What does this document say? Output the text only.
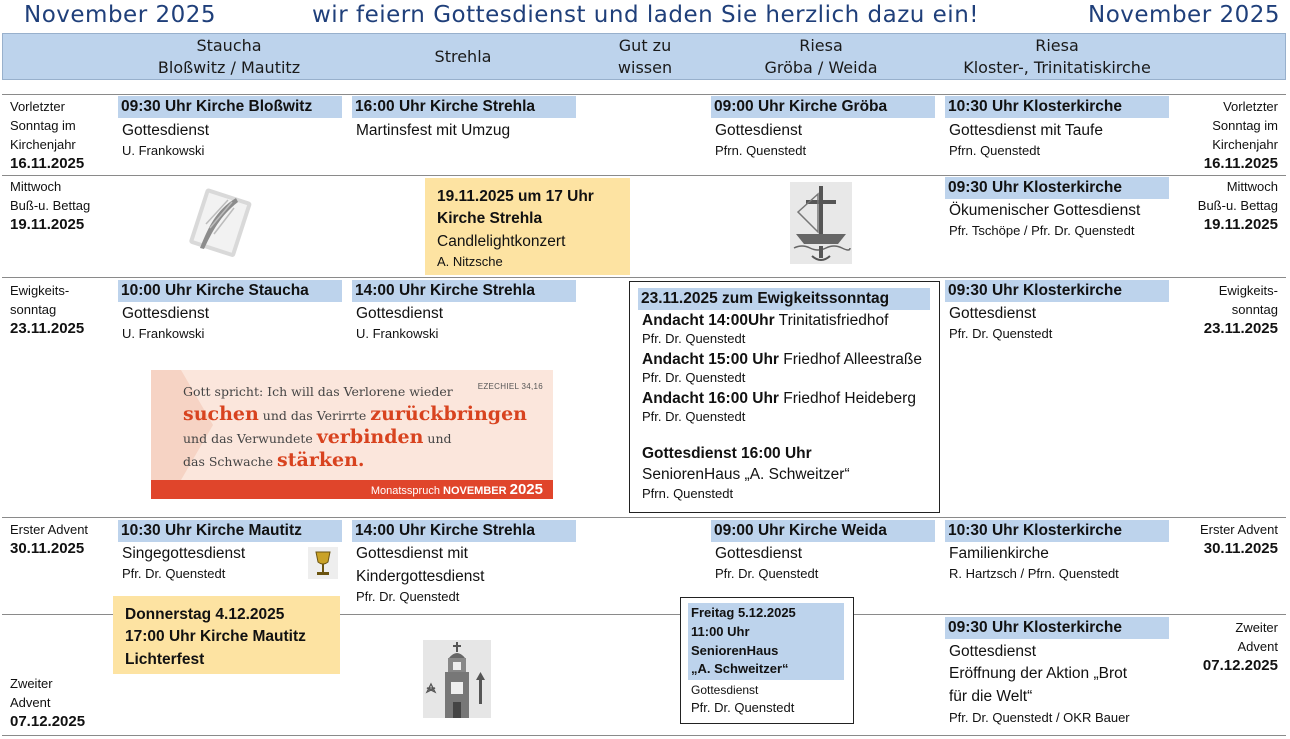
November 2025	wir feiern Gottesdienst und laden Sie herzlich dazu ein!	November 2025
Staucha
Bloßwitz / Mautitz
Strehla
Gut zu
wissen
Riesa
Gröba / Weida
Riesa
Kloster-, Trinitatiskirche
Vorletzter
Sonntag im
Kirchenjahr
16.11.2025
Vorletzter
Sonntag im
Kirchenjahr
16.11.2025
09:30 Uhr Kirche Bloßwitz
Gottesdienst
U. Frankowski
16:00 Uhr Kirche Strehla
Martinsfest mit Umzug
09:00 Uhr Kirche Gröba
Gottesdienst
Pfrn. Quenstedt
10:30 Uhr Klosterkirche
Gottesdienst mit Taufe
Pfrn. Quenstedt
Mittwoch
Buß-u. Bettag
19.11.2025
Mittwoch
Buß-u. Bettag
19.11.2025
19.11.2025 um 17 Uhr
Kirche Strehla
Candlelightkonzert
A. Nitzsche
09:30 Uhr Klosterkirche
Ökumenischer Gottesdienst
Pfr. Tschöpe / Pfr. Dr. Quenstedt
Ewigkeits-
sonntag
23.11.2025
Ewigkeits-
sonntag
23.11.2025
10:00 Uhr Kirche Staucha
Gottesdienst
U. Frankowski
14:00 Uhr Kirche Strehla
Gottesdienst
U. Frankowski
23.11.2025 zum Ewigkeitssonntag
Andacht 14:00Uhr Trinitatisfriedhof
Pfr. Dr. Quenstedt
Andacht 15:00 Uhr Friedhof Alleestraße
Pfr. Dr. Quenstedt
Andacht 16:00 Uhr Friedhof Heideberg
Pfr. Dr. Quenstedt
Gottesdienst 16:00 Uhr
SeniorenHaus „A. Schweitzer“
Pfrn. Quenstedt
09:30 Uhr Klosterkirche
Gottesdienst
Pfr. Dr. Quenstedt
EZECHIEL 34,16
Gott spricht: Ich will das Verlorene wieder
suchen und das Verirrte zurückbringen
und das Verwundete verbinden und
das Schwache stärken.
Monatsspruch NOVEMBER 2025
Erster Advent
30.11.2025
Erster Advent
30.11.2025
10:30 Uhr Kirche Mautitz
Singegottesdienst
Pfr. Dr. Quenstedt
14:00 Uhr Kirche Strehla
Gottesdienst mit
Kindergottesdienst
Pfr. Dr. Quenstedt
09:00 Uhr Kirche Weida
Gottesdienst
Pfr. Dr. Quenstedt
10:30 Uhr Klosterkirche
Familienkirche
R. Hartzsch / Pfrn. Quenstedt
Zweiter
Advent
07.12.2025
Zweiter
Advent
07.12.2025
Donnerstag 4.12.2025
17:00 Uhr Kirche Mautitz
Lichterfest
Freitag 5.12.2025
11:00 Uhr
SeniorenHaus
„A. Schweitzer“
Gottesdienst
Pfr. Dr. Quenstedt
09:30 Uhr Klosterkirche
Gottesdienst
Eröffnung der Aktion „Brot
für die Welt“
Pfr. Dr. Quenstedt / OKR Bauer
